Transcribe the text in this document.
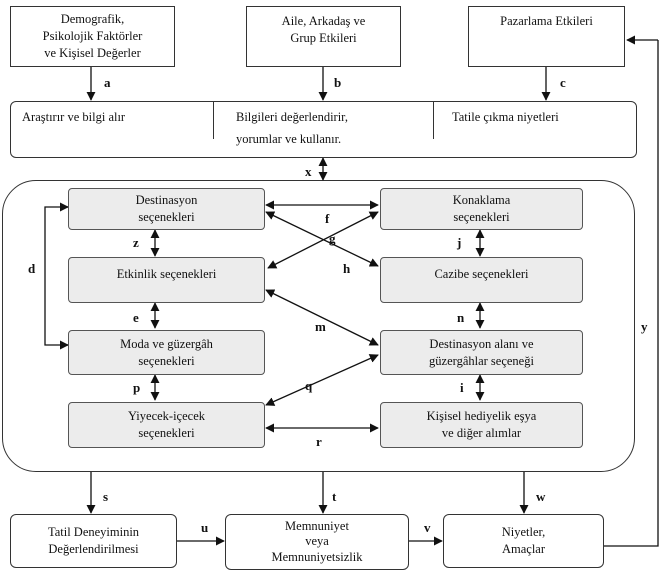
Demografik,
Psikolojik Faktörler
ve Kişisel Değerler
Aile, Arkadaş ve
Grup Etkileri
Pazarlama Etkileri
Araştırır ve bilgi alır	Bilgileri değerlendirir,
yorumlar ve kullanır.
Tatile çıkma niyetleri
Destinasyon
seçenekleri
Etkinlik seçenekleri
Moda ve güzergâh
seçenekleri
Yiyecek-içecek
seçenekleri
Konaklama
seçenekleri
Cazibe seçenekleri
Destinasyon alanı ve
güzergâhlar seçeneği
Kişisel hediyelik eşya
ve diğer alımlar
Tatil Deneyiminin
Değerlendirilmesi
Memnuniyet
veya
Memnuniyetsizlik
Niyetler,
Amaçlar
a	b	c
x
d
f
g
h
m
q
r
z
e
p
j
n
i
s	t	w
u	v
y
